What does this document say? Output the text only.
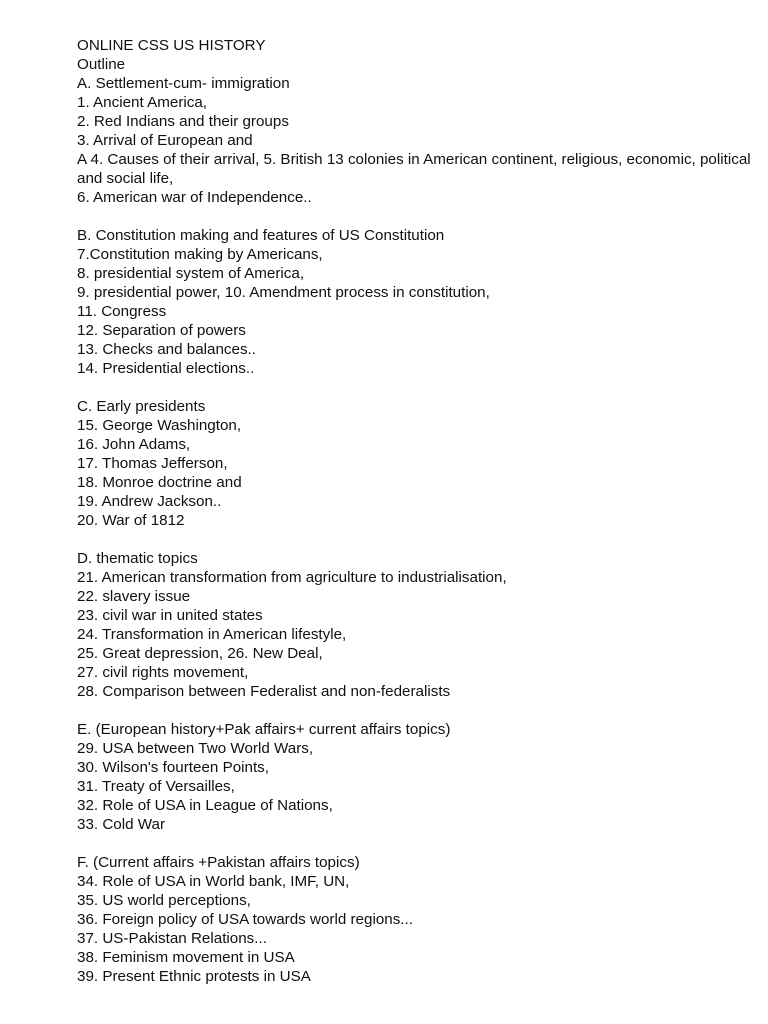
ONLINE CSS US HISTORY
Outline
A. Settlement-cum- immigration
1. Ancient America,
2. Red Indians and their groups
3. Arrival of European and
A 4. Causes of their arrival, 5. British 13 colonies in American continent, religious, economic, political and social life,
6. American war of Independence..
B. Constitution making and features of US Constitution
7.Constitution making by Americans,
8. presidential system of America,
9. presidential power, 10. Amendment process in constitution,
11. Congress
12. Separation of powers
13. Checks and balances..
14. Presidential elections..
C. Early presidents
15. George Washington,
16. John Adams,
17. Thomas Jefferson,
18. Monroe doctrine and
19. Andrew Jackson..
20. War of 1812
D. thematic topics
21. American transformation from agriculture to industrialisation,
22. slavery issue
23. civil war in united states
24. Transformation in American lifestyle,
25. Great depression, 26. New Deal,
27. civil rights movement,
28. Comparison between Federalist and non-federalists
E. (European history+Pak affairs+ current affairs topics)
29. USA between Two World Wars,
30. Wilson's fourteen Points,
31. Treaty of Versailles,
32. Role of USA in League of Nations,
33. Cold War
F. (Current affairs +Pakistan affairs topics)
34. Role of USA in World bank, IMF, UN,
35. US world perceptions,
36. Foreign policy of USA towards world regions...
37. US-Pakistan Relations...
38. Feminism movement in USA
39. Present Ethnic protests in USA
